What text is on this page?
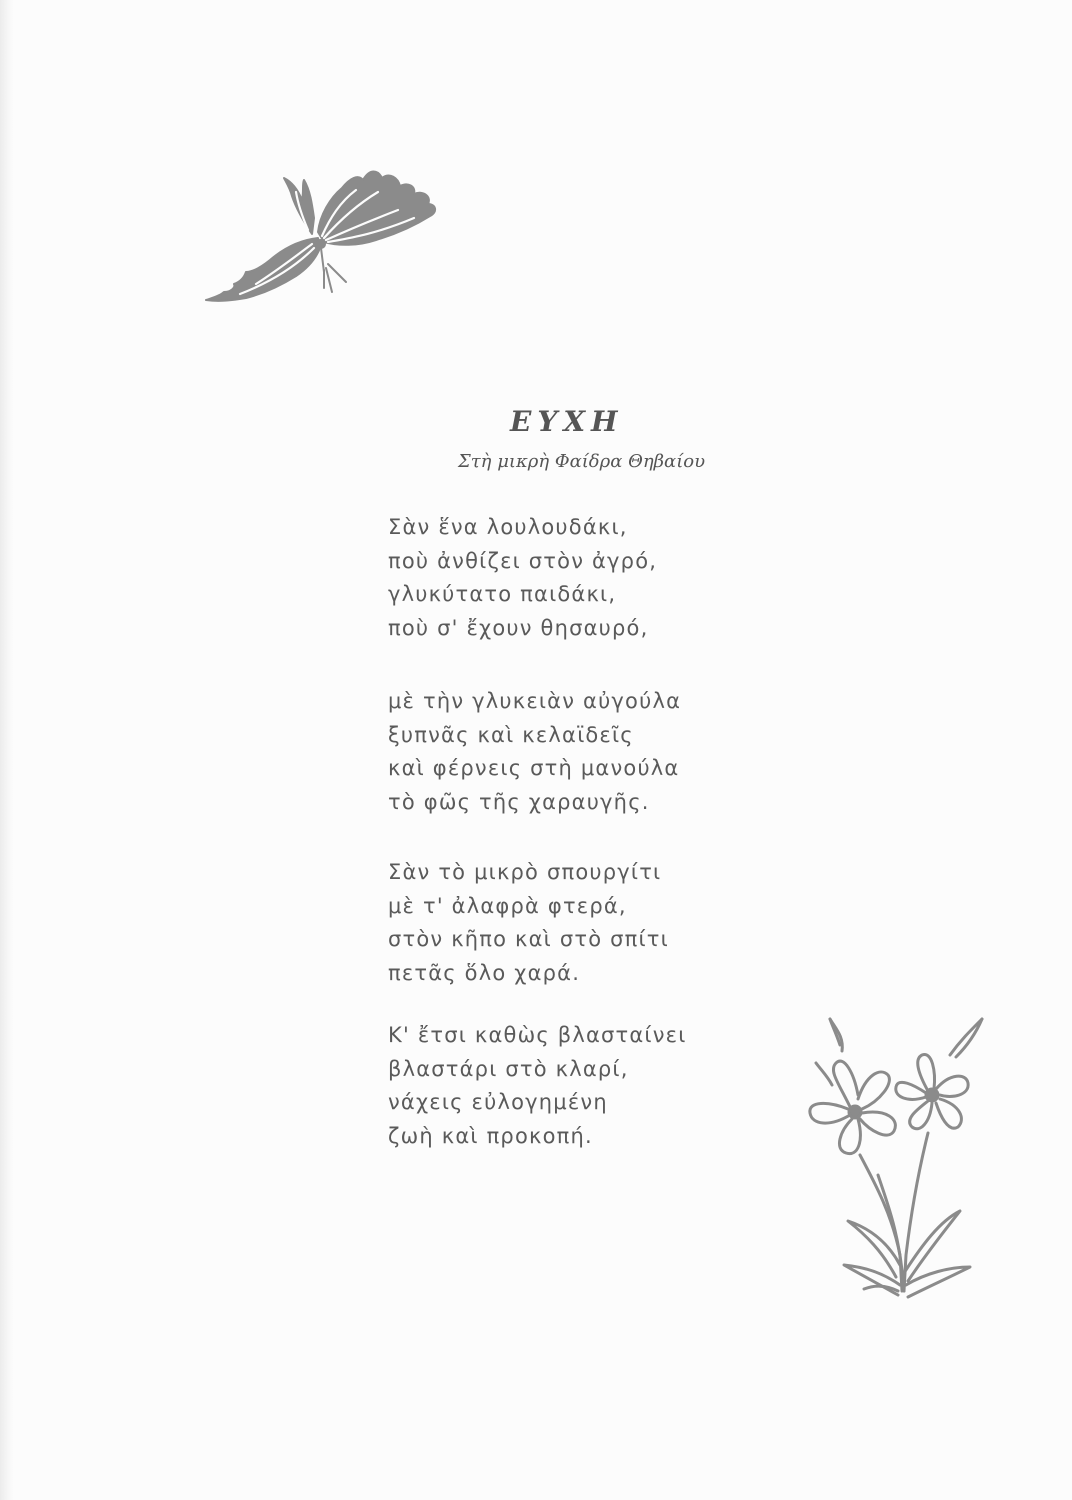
ΕΥΧΗ

Στὴ μικρὴ Φαίδρα Θηβαίου

Σὰν ἕνα λουλουδάκι,
ποὺ ἀνθίζει στὸν ἀγρό,
γλυκύτατο παιδάκι,
ποὺ σ' ἔχουν θησαυρό,
μὲ τὴν γλυκειὰν αὐγούλα
ξυπνᾶς καὶ κελαϊδεῖς
καὶ φέρνεις στὴ μανούλα
τὸ φῶς τῆς χαραυγῆς.
Σὰν τὸ μικρὸ σπουργίτι
μὲ τ' ἀλαφρὰ φτερά,
στὸν κῆπο καὶ στὸ σπίτι
πετᾶς ὅλο χαρά.
Κ' ἔτσι καθὼς βλασταίνει
βλαστάρι στὸ κλαρί,
νάχεις εὐλογημένη
ζωὴ καὶ προκοπή.
